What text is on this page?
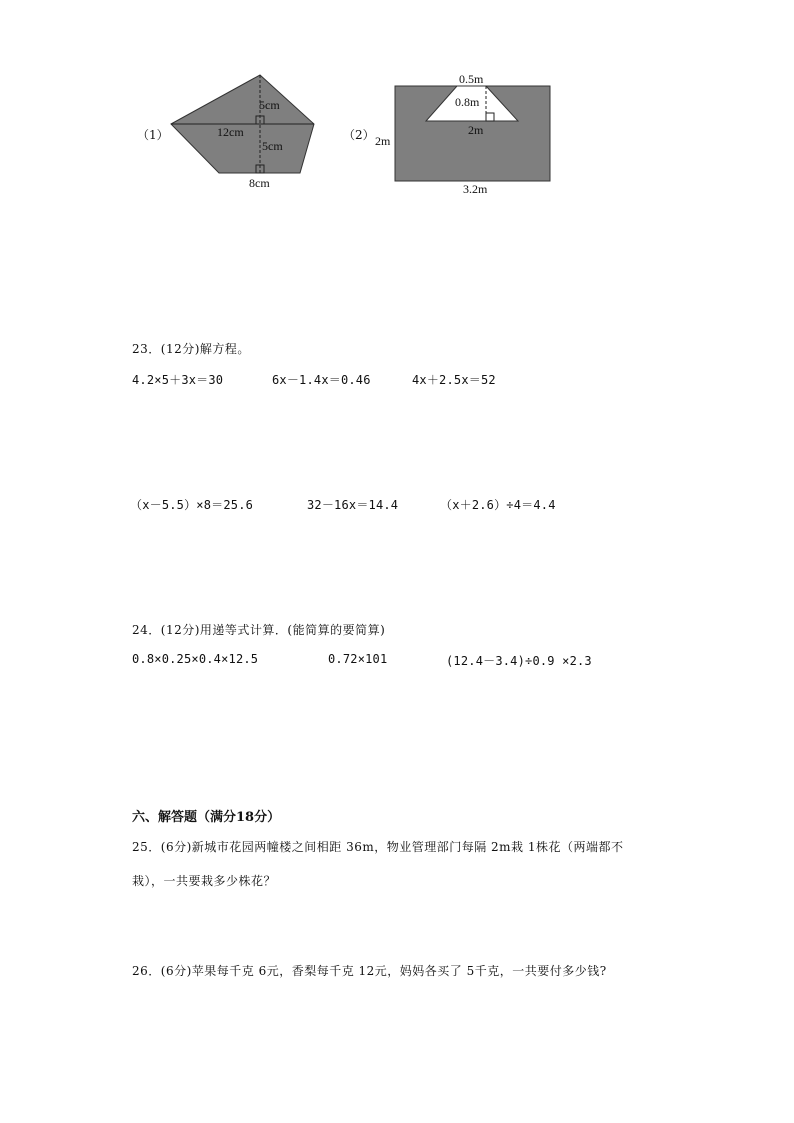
（1）
5cm
12cm
5cm
8cm
（2）
0.5m
0.8m
2m
2m
3.2m
23．(12分)解方程。
4.2×5＋3x＝30	6x－1.4x＝0.46	4x＋2.5x＝52
（x－5.5）×8＝25.6	32－16x＝14.4	（x＋2.6）÷4＝4.4
24．(12分)用递等式计算．(能简算的要简算)
0.8×0.25×0.4×12.5	0.72×101	(12.4－3.4)÷0.9 ×2.3
六、解答题（满分18分）
25．(6分)新城市花园两幢楼之间相距 36m，物业管理部门每隔 2m栽 1株花（两端都不
栽），一共要栽多少株花？
26．(6分)苹果每千克 6元，香梨每千克 12元，妈妈各买了 5千克，一共要付多少钱?
